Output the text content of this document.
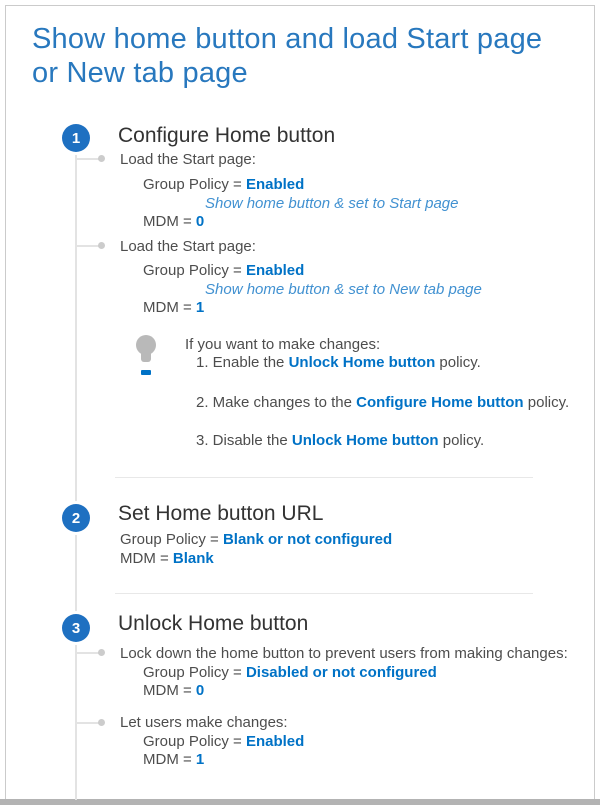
Show home button and load Start page
or New tab page
1 Configure Home button
Load the Start page:
Group Policy = Enabled
Show home button & set to Start page
MDM = 0
Load the Start page:
Group Policy = Enabled
Show home button & set to New tab page
MDM = 1
If you want to make changes:
1. Enable the Unlock Home button policy.
2. Make changes to the Configure Home button policy.
3. Disable the Unlock Home button policy.
2 Set Home button URL
Group Policy = Blank or not configured
MDM = Blank
3 Unlock Home button
Lock down the home button to prevent users from making changes:
Group Policy = Disabled or not configured
MDM = 0
Let users make changes:
Group Policy = Enabled
MDM = 1
